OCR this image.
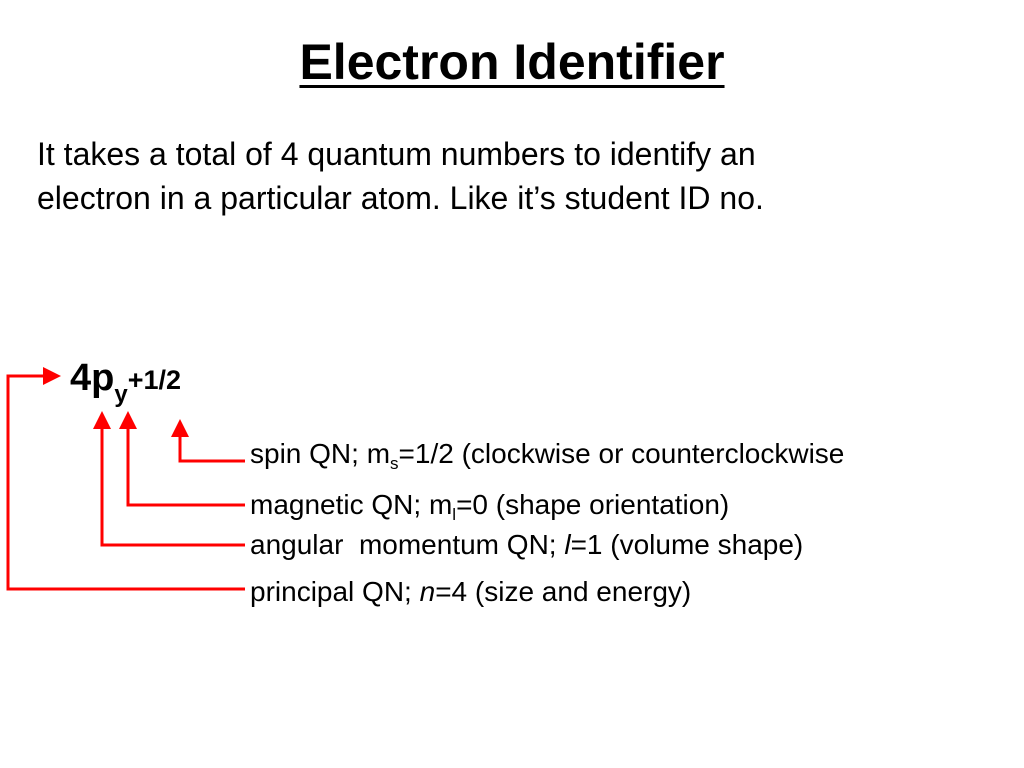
Electron Identifier
It takes a total of 4 quantum numbers to identify an
electron in a particular atom. Like it’s student ID no.
$4p_y+1/2$
spin QN; $m_s=1/2$ (clockwise or counterclockwise
magnetic QN; $m_l=0$ (shape orientation)
angular  momentum QN; l=1 (volume shape)
principal QN; n=4 (size and energy)
